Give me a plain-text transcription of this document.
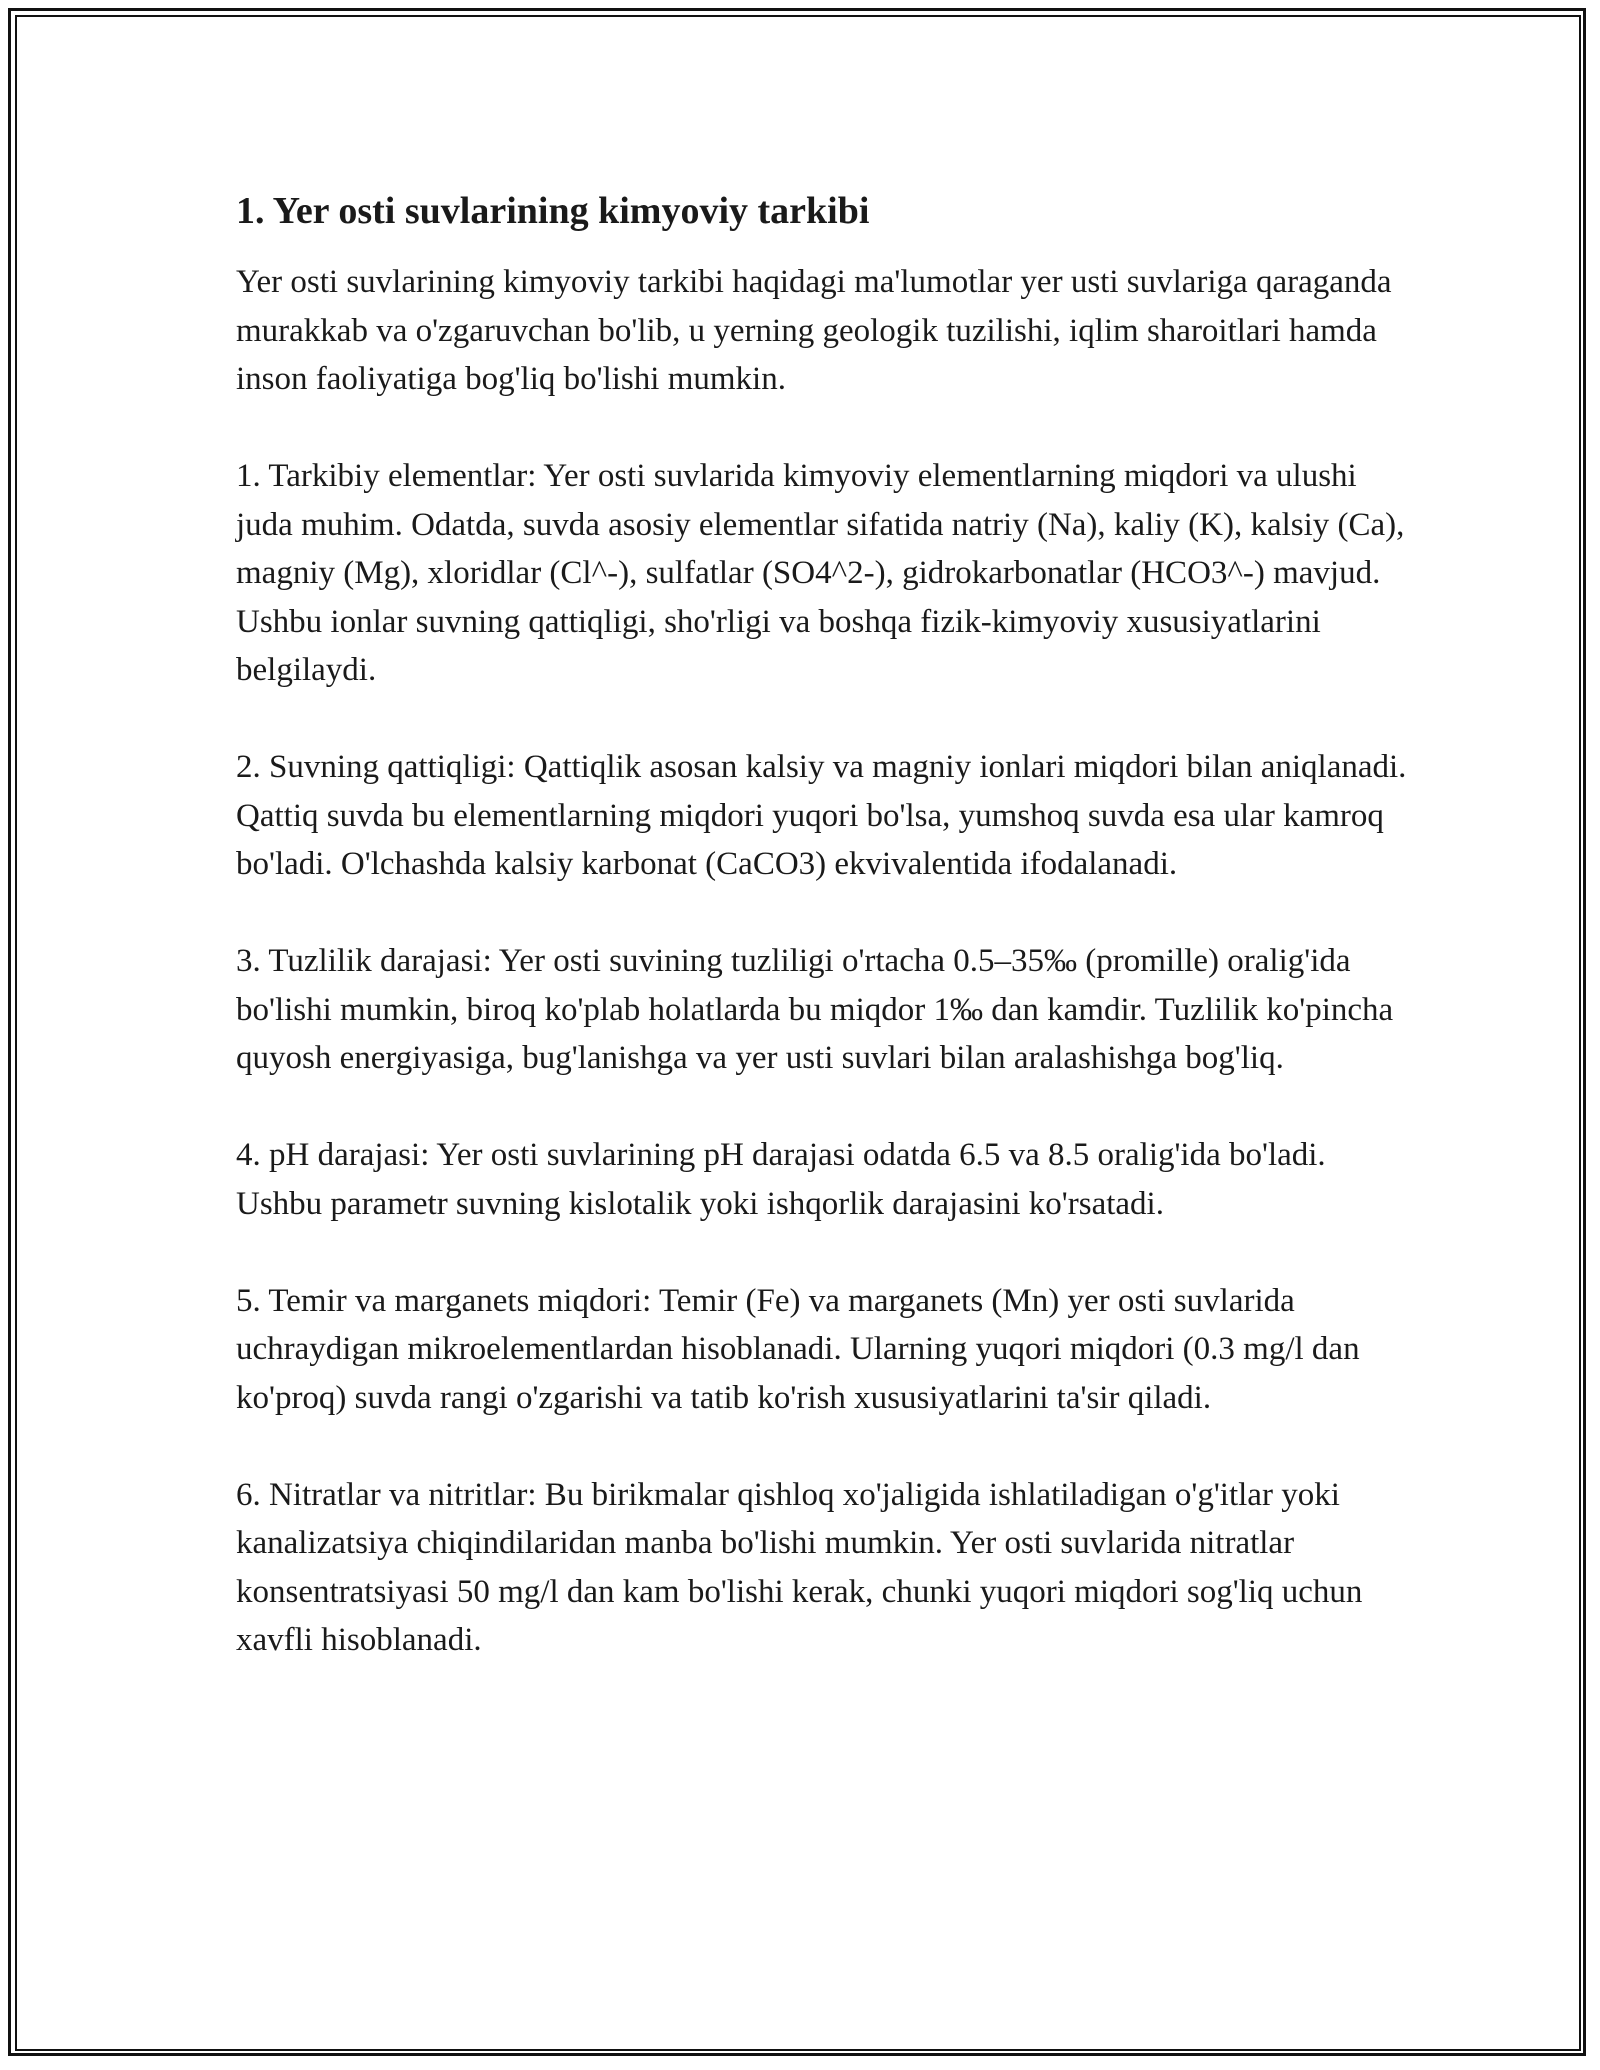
1. Yer osti suvlarining kimyoviy tarkibi

Yer osti suvlarining kimyoviy tarkibi haqidagi ma'lumotlar yer usti suvlariga qaraganda murakkab va o'zgaruvchan bo'lib, u yerning geologik tuzilishi, iqlim sharoitlari hamda inson faoliyatiga bog'liq bo'lishi mumkin.

1. Tarkibiy elementlar: Yer osti suvlarida kimyoviy elementlarning miqdori va ulushi juda muhim. Odatda, suvda asosiy elementlar sifatida natriy (Na), kaliy (K), kalsiy (Ca), magniy (Mg), xloridlar (Cl^-), sulfatlar (SO4^2-), gidrokarbonatlar (HCO3^-) mavjud. Ushbu ionlar suvning qattiqligi, sho'rligi va boshqa fizik-kimyoviy xususiyatlarini belgilaydi.

2. Suvning qattiqligi: Qattiqlik asosan kalsiy va magniy ionlari miqdori bilan aniqlanadi. Qattiq suvda bu elementlarning miqdori yuqori bo'lsa, yumshoq suvda esa ular kamroq bo'ladi. O'lchashda kalsiy karbonat (CaCO3) ekvivalentida ifodalanadi.

3. Tuzlilik darajasi: Yer osti suvining tuzliligi o'rtacha 0.5–35‰ (promille) oralig'ida bo'lishi mumkin, biroq ko'plab holatlarda bu miqdor 1‰ dan kamdir. Tuzlilik ko'pincha quyosh energiyasiga, bug'lanishga va yer usti suvlari bilan aralashishga bog'liq.

4. pH darajasi: Yer osti suvlarining pH darajasi odatda 6.5 va 8.5 oralig'ida bo'ladi. Ushbu parametr suvning kislotalik yoki ishqorlik darajasini ko'rsatadi.

5. Temir va marganets miqdori: Temir (Fe) va marganets (Mn) yer osti suvlarida uchraydigan mikroelementlardan hisoblanadi. Ularning yuqori miqdori (0.3 mg/l dan ko'proq) suvda rangi o'zgarishi va tatib ko'rish xususiyatlarini ta'sir qiladi.

6. Nitratlar va nitritlar: Bu birikmalar qishloq xo'jaligida ishlatiladigan o'g'itlar yoki kanalizatsiya chiqindilaridan manba bo'lishi mumkin. Yer osti suvlarida nitratlar konsentratsiyasi 50 mg/l dan kam bo'lishi kerak, chunki yuqori miqdori sog'liq uchun xavfli hisoblanadi.
